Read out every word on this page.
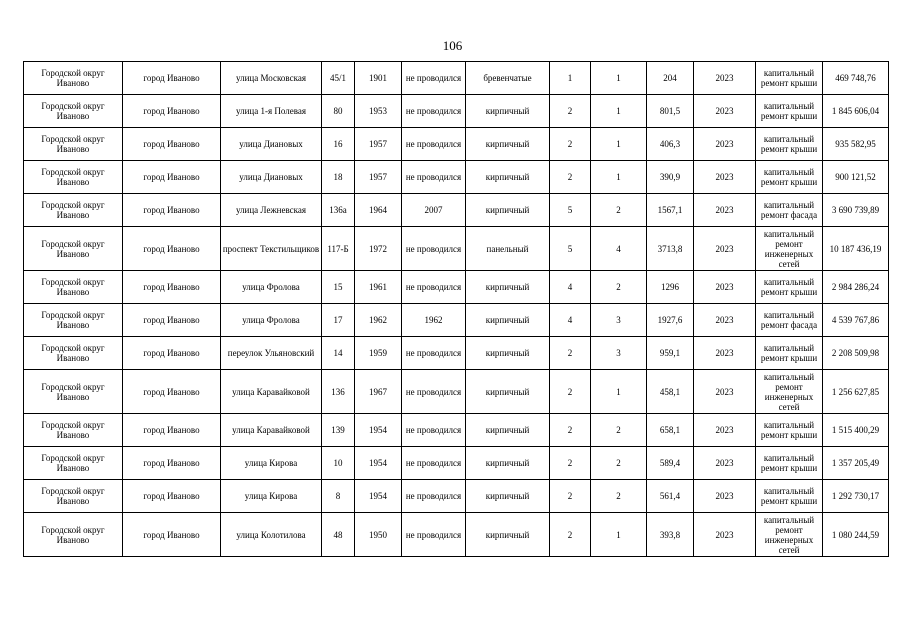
106
Городской округ Иваново	город Иваново	улица Московская	45/1	1901	не проводился	бревенчатые	1	1	204	2023	капитальный ремонт крыши	469 748,76
Городской округ Иваново	город Иваново	улица 1-я Полевая	80	1953	не проводился	кирпичный	2	1	801,5	2023	капитальный ремонт крыши	1 845 606,04
Городской округ Иваново	город Иваново	улица Диановых	16	1957	не проводился	кирпичный	2	1	406,3	2023	капитальный ремонт крыши	935 582,95
Городской округ Иваново	город Иваново	улица Диановых	18	1957	не проводился	кирпичный	2	1	390,9	2023	капитальный ремонт крыши	900 121,52
Городской округ Иваново	город Иваново	улица Лежневская	136а	1964	2007	кирпичный	5	2	1567,1	2023	капитальный ремонт фасада	3 690 739,89
Городской округ Иваново	город Иваново	проспект Текстильщиков	117-Б	1972	не проводился	панельный	5	4	3713,8	2023	капитальный ремонт инженерных сетей	10 187 436,19
Городской округ Иваново	город Иваново	улица Фролова	15	1961	не проводился	кирпичный	4	2	1296	2023	капитальный ремонт крыши	2 984 286,24
Городской округ Иваново	город Иваново	улица Фролова	17	1962	1962	кирпичный	4	3	1927,6	2023	капитальный ремонт фасада	4 539 767,86
Городской округ Иваново	город Иваново	переулок Ульяновский	14	1959	не проводился	кирпичный	2	3	959,1	2023	капитальный ремонт крыши	2 208 509,98
Городской округ Иваново	город Иваново	улица Каравайковой	136	1967	не проводился	кирпичный	2	1	458,1	2023	капитальный ремонт инженерных сетей	1 256 627,85
Городской округ Иваново	город Иваново	улица Каравайковой	139	1954	не проводился	кирпичный	2	2	658,1	2023	капитальный ремонт крыши	1 515 400,29
Городской округ Иваново	город Иваново	улица Кирова	10	1954	не проводился	кирпичный	2	2	589,4	2023	капитальный ремонт крыши	1 357 205,49
Городской округ Иваново	город Иваново	улица Кирова	8	1954	не проводился	кирпичный	2	2	561,4	2023	капитальный ремонт крыши	1 292 730,17
Городской округ Иваново	город Иваново	улица Колотилова	48	1950	не проводился	кирпичный	2	1	393,8	2023	капитальный ремонт инженерных сетей	1 080 244,59
